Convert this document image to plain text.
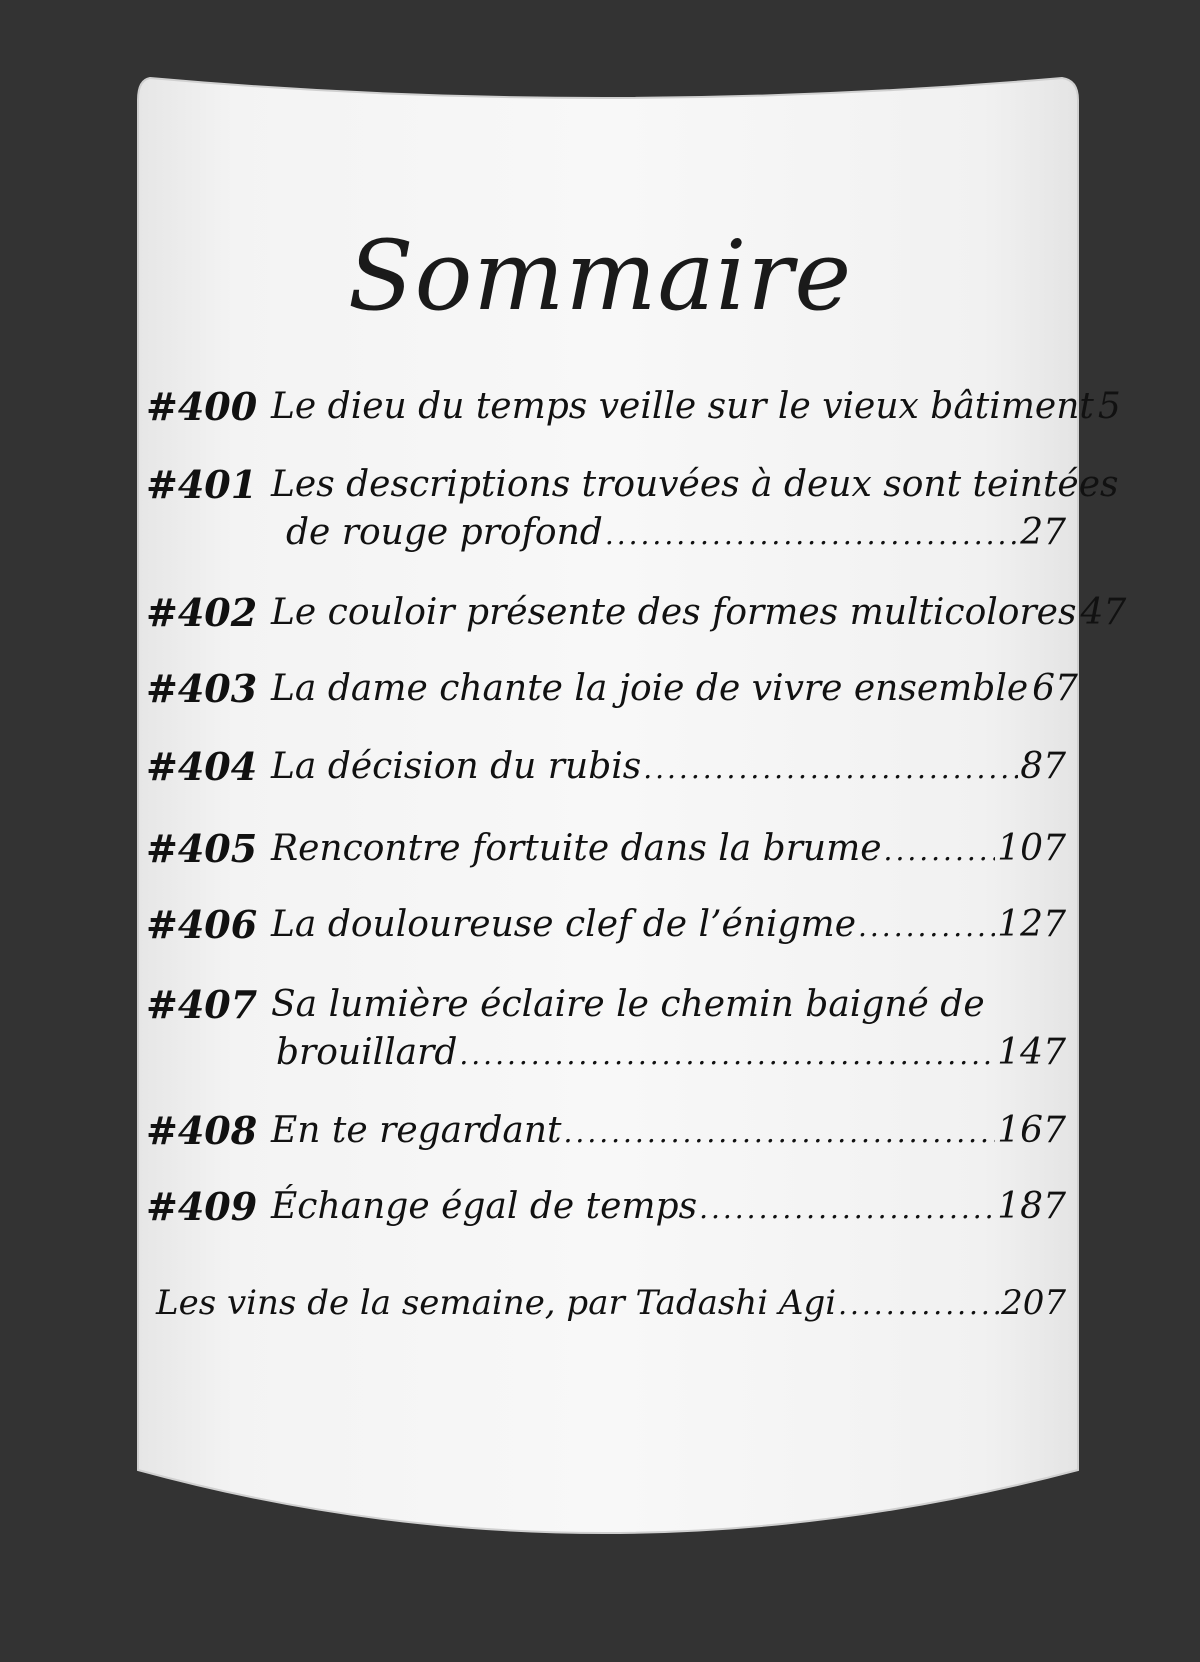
Sommaire
#400 Le dieu du temps veille sur le vieux bâtiment 5
#401 Les descriptions trouvées à deux sont teintées
de rouge profond .....	27
#402 Le couloir présente des formes multicolores 47
#403 La dame chante la joie de vivre ensemble 67
#404 La décision du rubis .....	87
#405 Rencontre fortuite dans la brume .....	107
#406 La douloureuse clef de l’énigme .....	127
#407 Sa lumière éclaire le chemin baigné de
brouillard .....	147
#408 En te regardant .....	167
#409 Échange égal de temps .....	187
Les vins de la semaine, par Tadashi Agi .....	207
